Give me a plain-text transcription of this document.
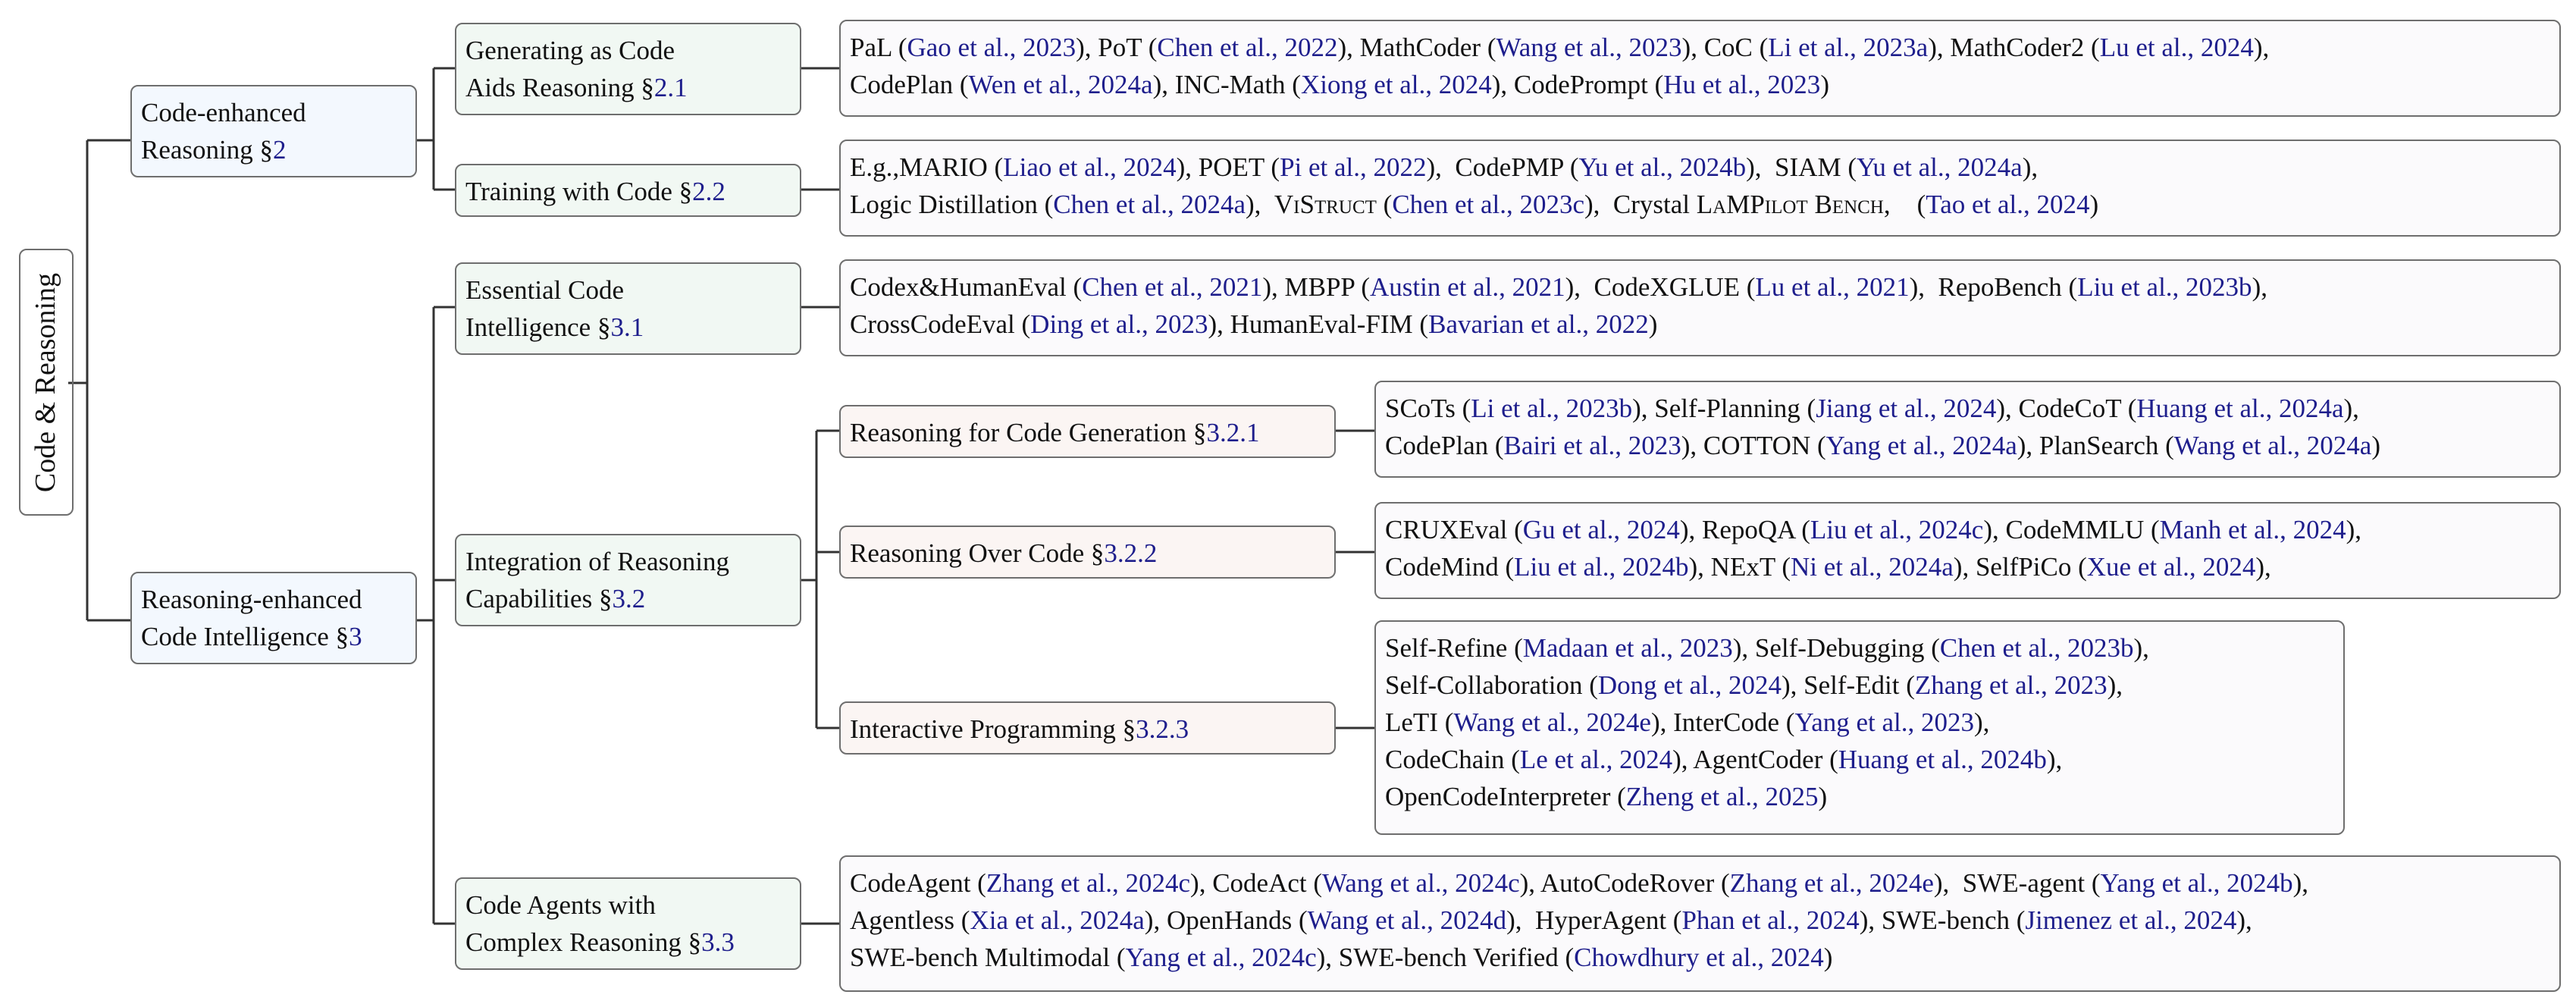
Code & Reasoning
Code-enhanced
Reasoning §2
Reasoning-enhanced
Code Intelligence §3
Generating as Code
Aids Reasoning §2.1
Training with Code §2.2
Essential Code
Intelligence §3.1
Integration of Reasoning
Capabilities §3.2
Code Agents with
Complex Reasoning §3.3
Reasoning for Code Generation §3.2.1
Reasoning Over Code §3.2.2
Interactive Programming §3.2.3
PaL (Gao et al., 2023), PoT (Chen et al., 2022), MathCoder (Wang et al., 2023), CoC (Li et al., 2023a), MathCoder2 (Lu et al., 2024),
CodePlan (Wen et al., 2024a), INC-Math (Xiong et al., 2024), CodePrompt (Hu et al., 2023)
E.g.,MARIO (Liao et al., 2024), POET (Pi et al., 2022),  CodePMP (Yu et al., 2024b),  SIAM (Yu et al., 2024a),
Logic Distillation (Chen et al., 2024a),  VıStruct (Chen et al., 2023c),  Crystal LaMPilot Bench,    (Tao et al., 2024)
Codex&HumanEval (Chen et al., 2021), MBPP (Austin et al., 2021),  CodeXGLUE (Lu et al., 2021),  RepoBench (Liu et al., 2023b),
CrossCodeEval (Ding et al., 2023), HumanEval-FIM (Bavarian et al., 2022)
SCoTs (Li et al., 2023b), Self-Planning (Jiang et al., 2024), CodeCoT (Huang et al., 2024a),
CodePlan (Bairi et al., 2023), COTTON (Yang et al., 2024a), PlanSearch (Wang et al., 2024a)
CRUXEval (Gu et al., 2024), RepoQA (Liu et al., 2024c), CodeMMLU (Manh et al., 2024),
CodeMind (Liu et al., 2024b), NExT (Ni et al., 2024a), SelfPiCo (Xue et al., 2024),
Self-Refine (Madaan et al., 2023), Self-Debugging (Chen et al., 2023b),
Self-Collaboration (Dong et al., 2024), Self-Edit (Zhang et al., 2023),
LeTI (Wang et al., 2024e), InterCode (Yang et al., 2023),
CodeChain (Le et al., 2024), AgentCoder (Huang et al., 2024b),
OpenCodeInterpreter (Zheng et al., 2025)
CodeAgent (Zhang et al., 2024c), CodeAct (Wang et al., 2024c), AutoCodeRover (Zhang et al., 2024e),  SWE-agent (Yang et al., 2024b),
Agentless (Xia et al., 2024a), OpenHands (Wang et al., 2024d),  HyperAgent (Phan et al., 2024), SWE-bench (Jimenez et al., 2024),
SWE-bench Multimodal (Yang et al., 2024c), SWE-bench Verified (Chowdhury et al., 2024)
